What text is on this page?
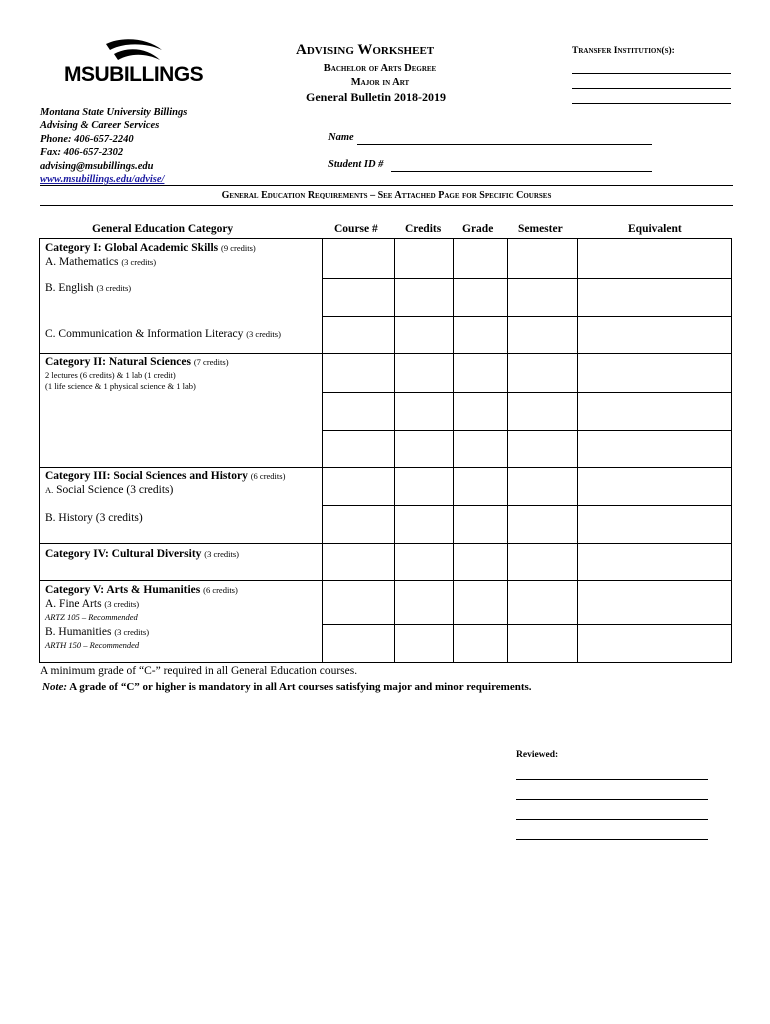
MSUBILLINGS
Montana State University Billings
Advising & Career Services
Phone: 406-657-2240
Fax: 406-657-2302
advising@msubillings.edu
www.msubillings.edu/advise/
Advising Worksheet
Bachelor of Arts Degree
Major in Art
General Bulletin 2018-2019
Transfer Institution(s):
Name
Student ID #
General Education Requirements – See Attached Page for Specific Courses
General Education Category	Course # Credits Grade Semester	Equivalent
Category I: Global Academic Skills (9 credits)
A. Mathematics (3 credits)					
B. English (3 credits)					
C. Communication & Information Literacy (3 credits)					
Category II: Natural Sciences (7 credits)
2 lectures (6 credits) & 1 lab (1 credit)
(1 life science & 1 physical science & 1 lab)					

Category III: Social Sciences and History (6 credits)
A. Social Science (3 credits)					
B. History (3 credits)					
Category IV: Cultural Diversity (3 credits)					
Category V: Arts & Humanities (6 credits)
A. Fine Arts (3 credits)
ARTZ 105 – Recommended					

B. Humanities (3 credits)
ARTH 150 – Recommended					

A minimum grade of “C-” required in all General Education courses.
Note: A grade of “C” or higher is mandatory in all Art courses satisfying major and minor requirements.
Reviewed:
